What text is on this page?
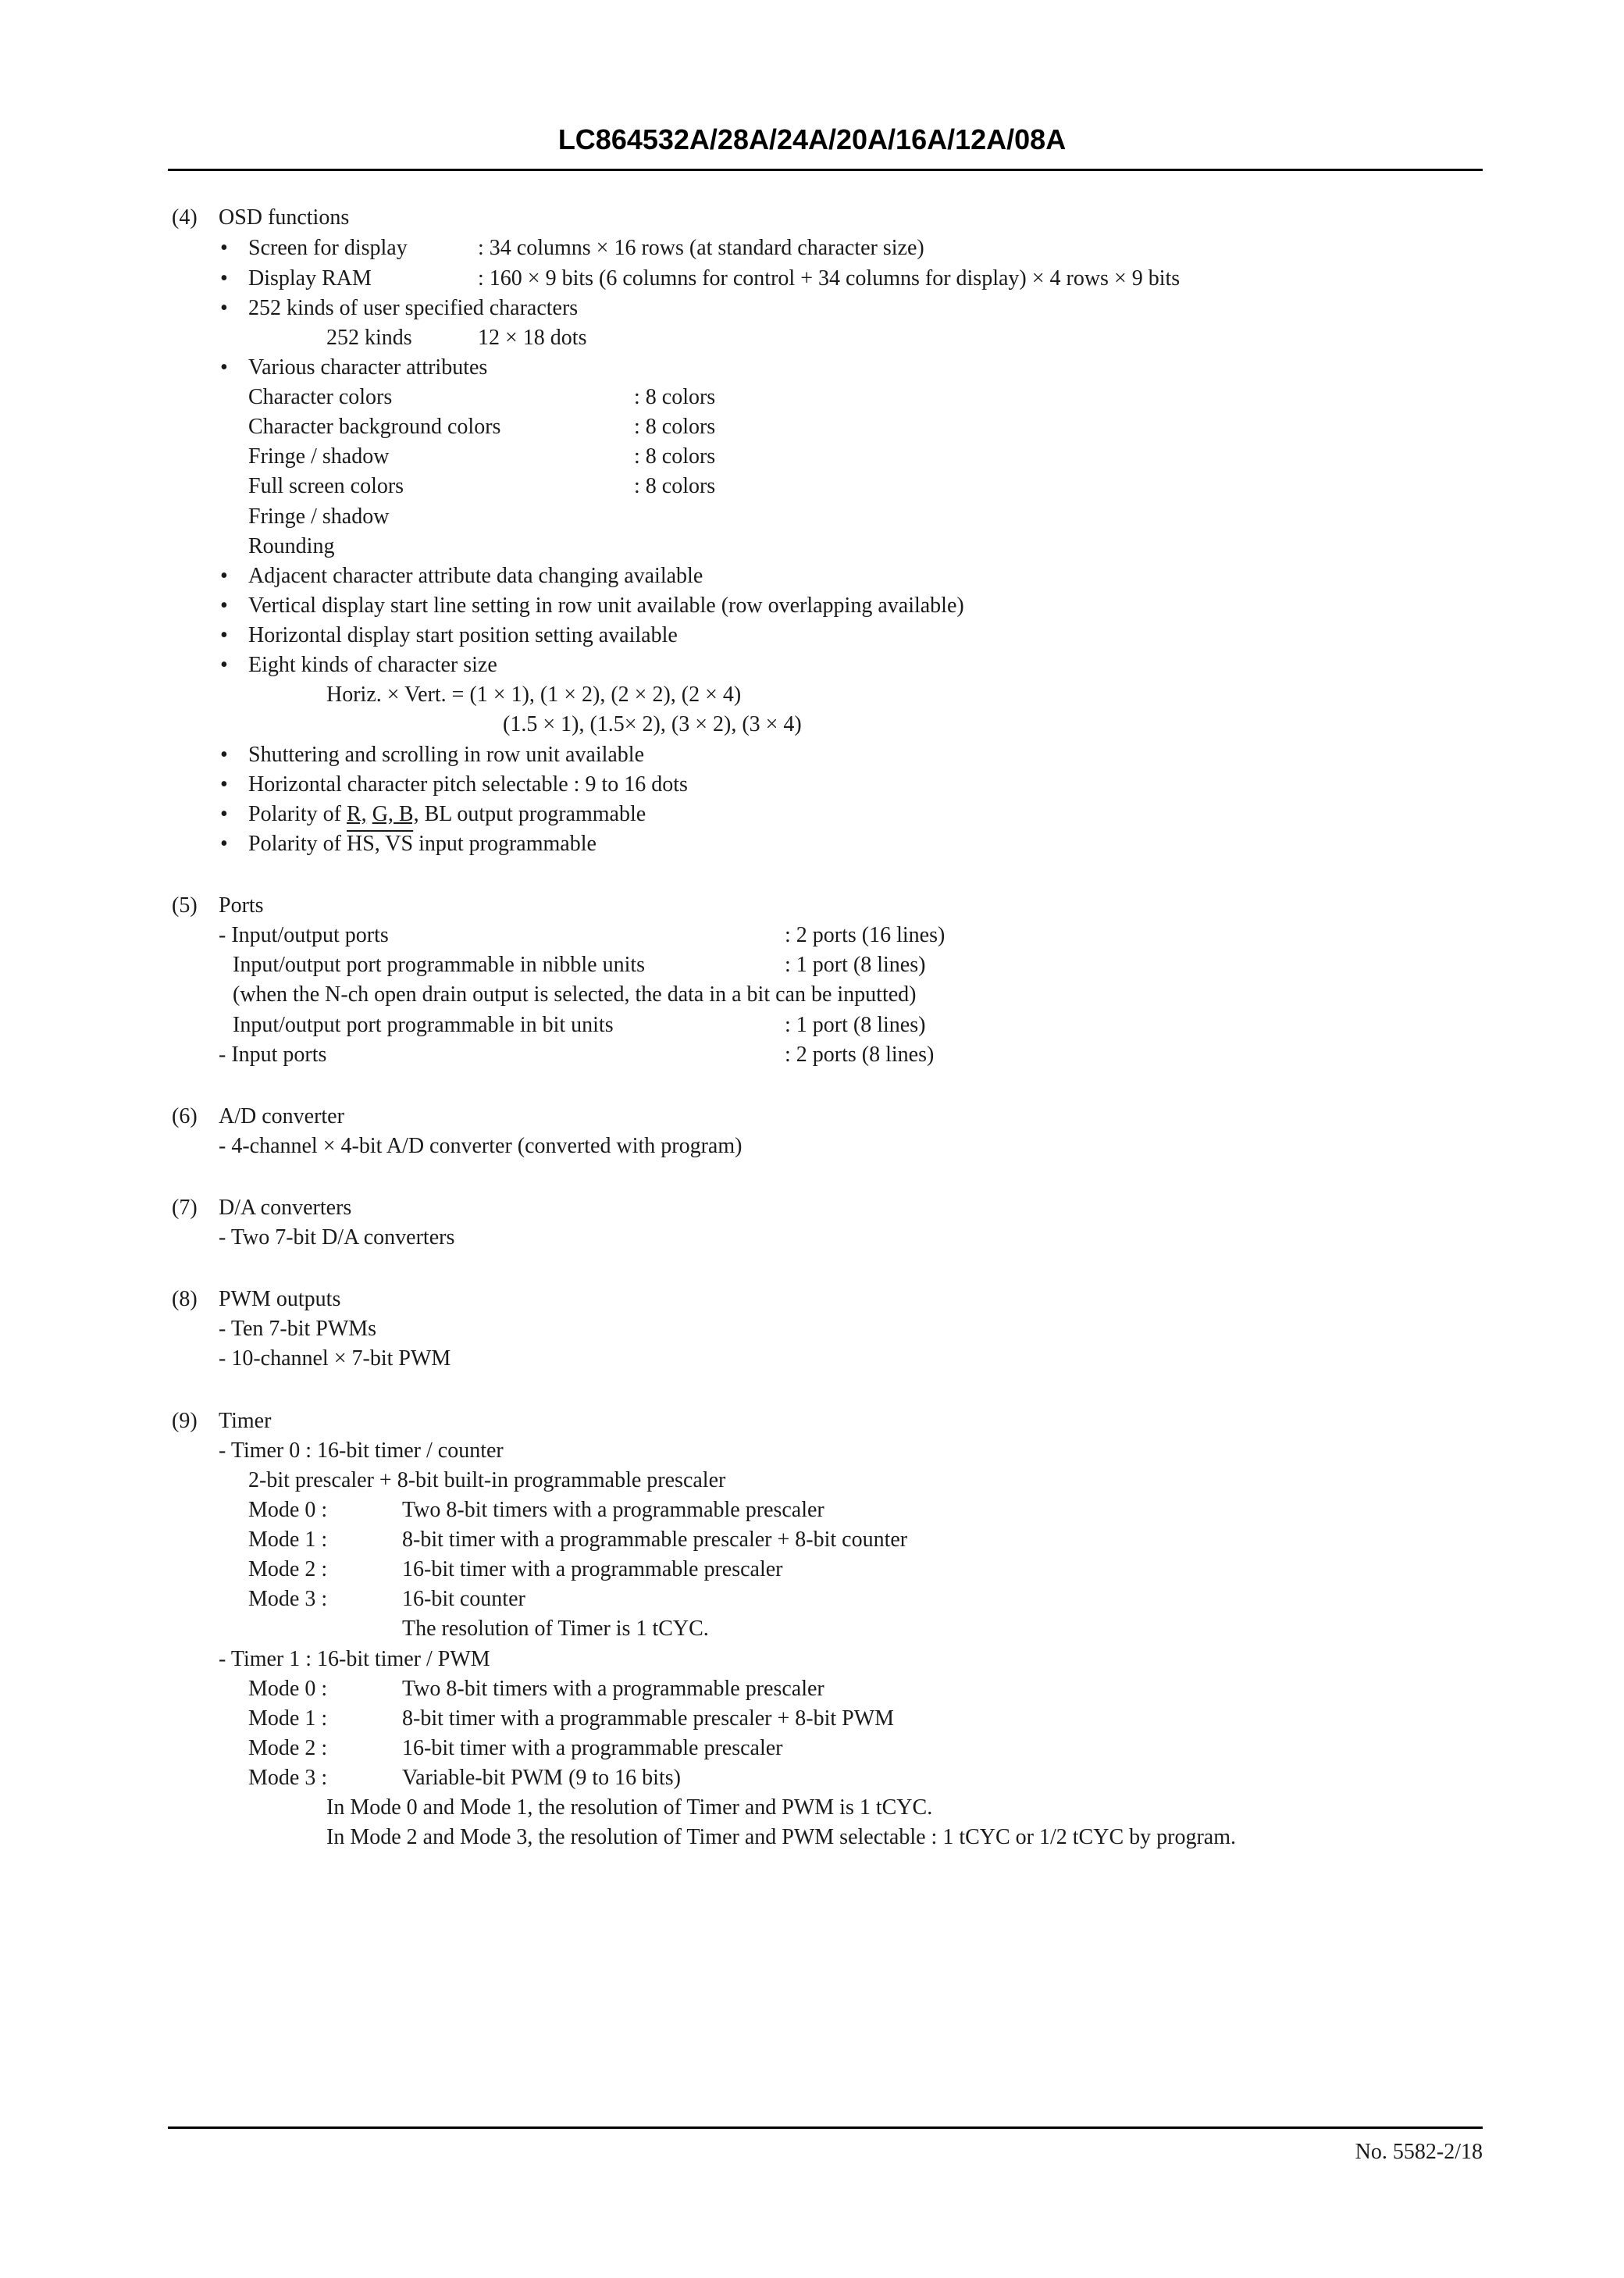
LC864532A/28A/24A/20A/16A/12A/08A
(4) OSD functions
• Screen for display	: 34 columns × 16 rows (at standard character size)
• Display RAM	: 160 × 9 bits (6 columns for control + 34 columns for display) × 4 rows × 9 bits
• 252 kinds of user specified characters
252 kinds	12 × 18 dots
• Various character attributes
Character colors	: 8 colors
Character background colors	: 8 colors
Fringe / shadow	: 8 colors
Full screen colors	: 8 colors
Fringe / shadow
Rounding
• Adjacent character attribute data changing available
• Vertical display start line setting in row unit available (row overlapping available)
• Horizontal display start position setting available
• Eight kinds of character size
Horiz. × Vert. = (1 × 1), (1 × 2), (2 × 2), (2 × 4)
(1.5 × 1), (1.5× 2), (3 × 2), (3 × 4)
• Shuttering and scrolling in row unit available
• Horizontal character pitch selectable : 9 to 16 dots
• Polarity of R, G, B, BL output programmable
• Polarity of HS, VS input programmable
(5) Ports
- Input/output ports	: 2 ports (16 lines)
Input/output port programmable in nibble units	: 1 port (8 lines)
(when the N-ch open drain output is selected, the data in a bit can be inputted)
Input/output port programmable in bit units	: 1 port (8 lines)
- Input ports	: 2 ports (8 lines)
(6) A/D converter
- 4-channel × 4-bit A/D converter (converted with program)
(7) D/A converters
- Two 7-bit D/A converters
(8) PWM outputs
- Ten 7-bit PWMs
- 10-channel × 7-bit PWM
(9) Timer
- Timer 0 : 16-bit timer / counter
2-bit prescaler + 8-bit built-in programmable prescaler
Mode 0 :	Two 8-bit timers with a programmable prescaler
Mode 1 :	8-bit timer with a programmable prescaler + 8-bit counter
Mode 2 :	16-bit timer with a programmable prescaler
Mode 3 :	16-bit counter
The resolution of Timer is 1 tCYC.
- Timer 1 : 16-bit timer / PWM
Mode 0 :	Two 8-bit timers with a programmable prescaler
Mode 1 :	8-bit timer with a programmable prescaler + 8-bit PWM
Mode 2 :	16-bit timer with a programmable prescaler
Mode 3 :	Variable-bit PWM (9 to 16 bits)
In Mode 0 and Mode 1, the resolution of Timer and PWM is 1 tCYC.
In Mode 2 and Mode 3, the resolution of Timer and PWM selectable : 1 tCYC or 1/2 tCYC by program.
No. 5582-2/18
